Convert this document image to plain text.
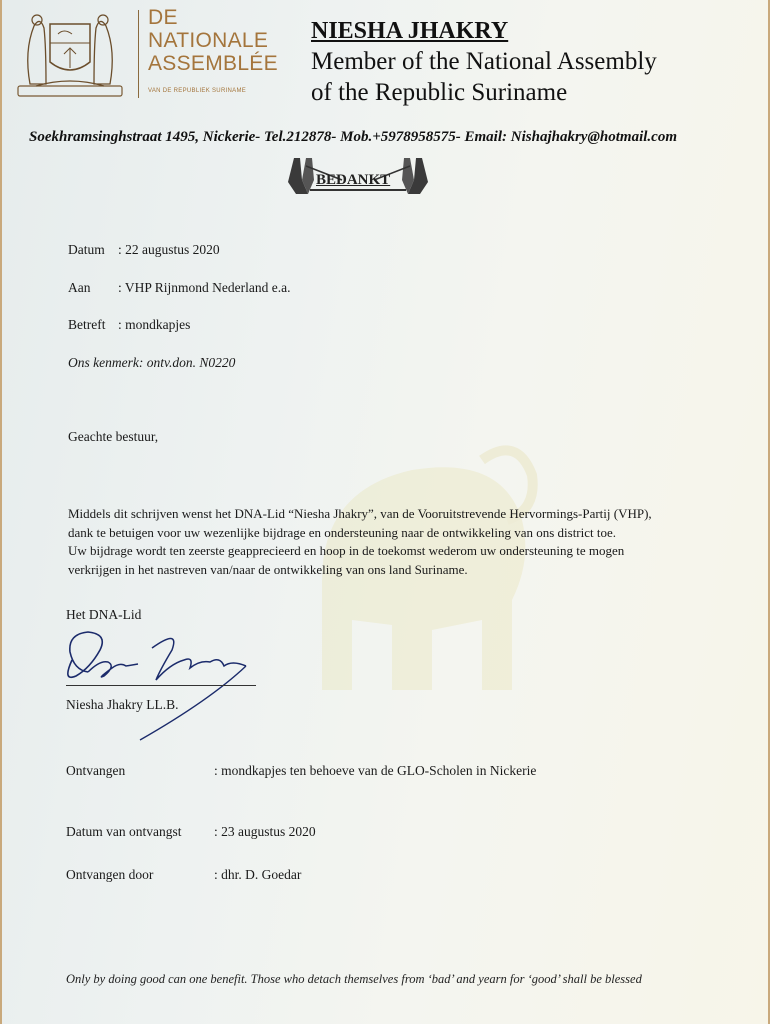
DE
NATIONALE
ASSEMBLÉE
VAN DE REPUBLIEK SURINAME
NIESHA JHAKRY
Member of the National Assembly
of the Republic Suriname
Soekhramsinghstraat 1495, Nickerie- Tel.212878- Mob.+5978958575- Email: Nishajhakry@hotmail.com
BEDANKT
Datum : 22 augustus 2020
Aan : VHP Rijnmond Nederland e.a.
Betreft : mondkapjes
Ons kenmerk: ontv.don. N0220
Geachte bestuur,
Middels dit schrijven wenst het DNA-Lid “Niesha Jhakry”, van de Vooruitstrevende Hervormings-Partij (VHP),
dank te betuigen voor uw wezenlijke bijdrage en ondersteuning naar de ontwikkeling van ons district toe.
Uw bijdrage wordt ten zeerste geapprecieerd en hoop in de toekomst wederom uw ondersteuning te mogen
verkrijgen in het nastreven van/naar de ontwikkeling van ons land Suriname.
Het DNA-Lid
Niesha Jhakry LL.B.
Ontvangen	: mondkapjes ten behoeve van de GLO-Scholen in Nickerie
Datum van ontvangst : 23 augustus 2020
Ontvangen door	: dhr. D. Goedar
Only by doing good can one benefit. Those who detach themselves from ‘bad’ and yearn for ‘good’ shall be blessed
